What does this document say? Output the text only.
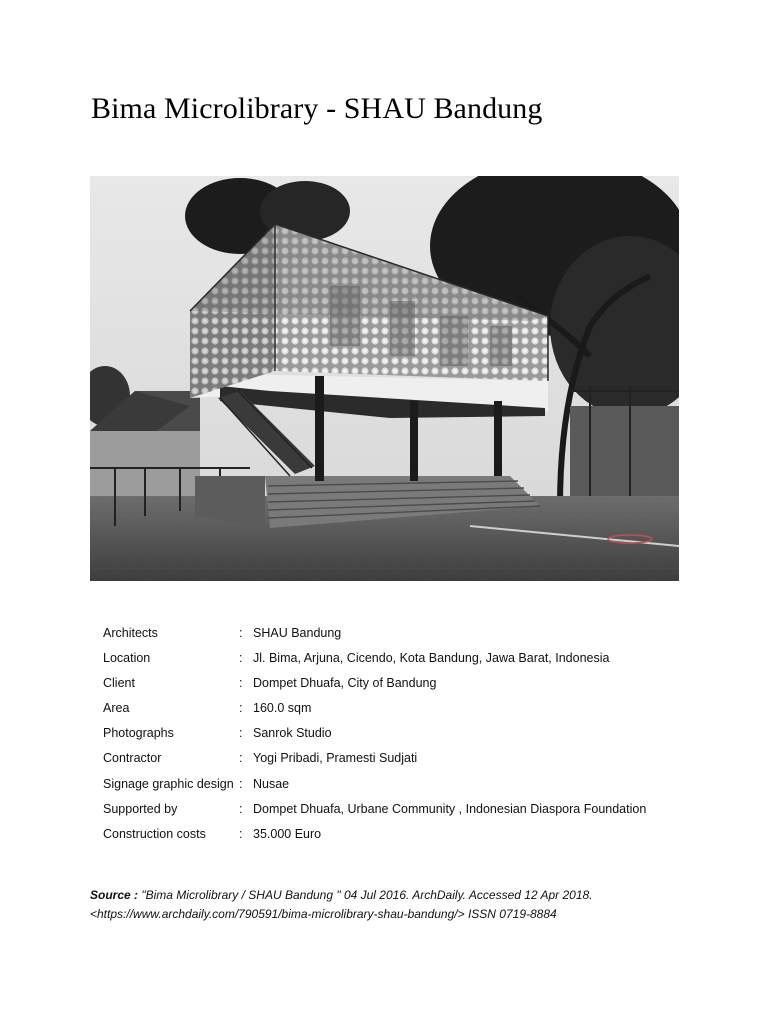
Bima Microlibrary - SHAU Bandung
Architects	: SHAU Bandung
Location	: Jl. Bima, Arjuna, Cicendo, Kota Bandung, Jawa Barat, Indonesia
Client	: Dompet Dhuafa, City of Bandung
Area	: 160.0 sqm
Photographs	: Sanrok Studio
Contractor	: Yogi Pribadi, Pramesti Sudjati
Signage graphic design : Nusae
Supported by	: Dompet Dhuafa, Urbane Community , Indonesian Diaspora Foundation
Construction costs	: 35.000 Euro
Source : "Bima Microlibrary / SHAU Bandung " 04 Jul 2016. ArchDaily. Accessed 12 Apr 2018.
<https://www.archdaily.com/790591/bima-microlibrary-shau-bandung/> ISSN 0719-8884
